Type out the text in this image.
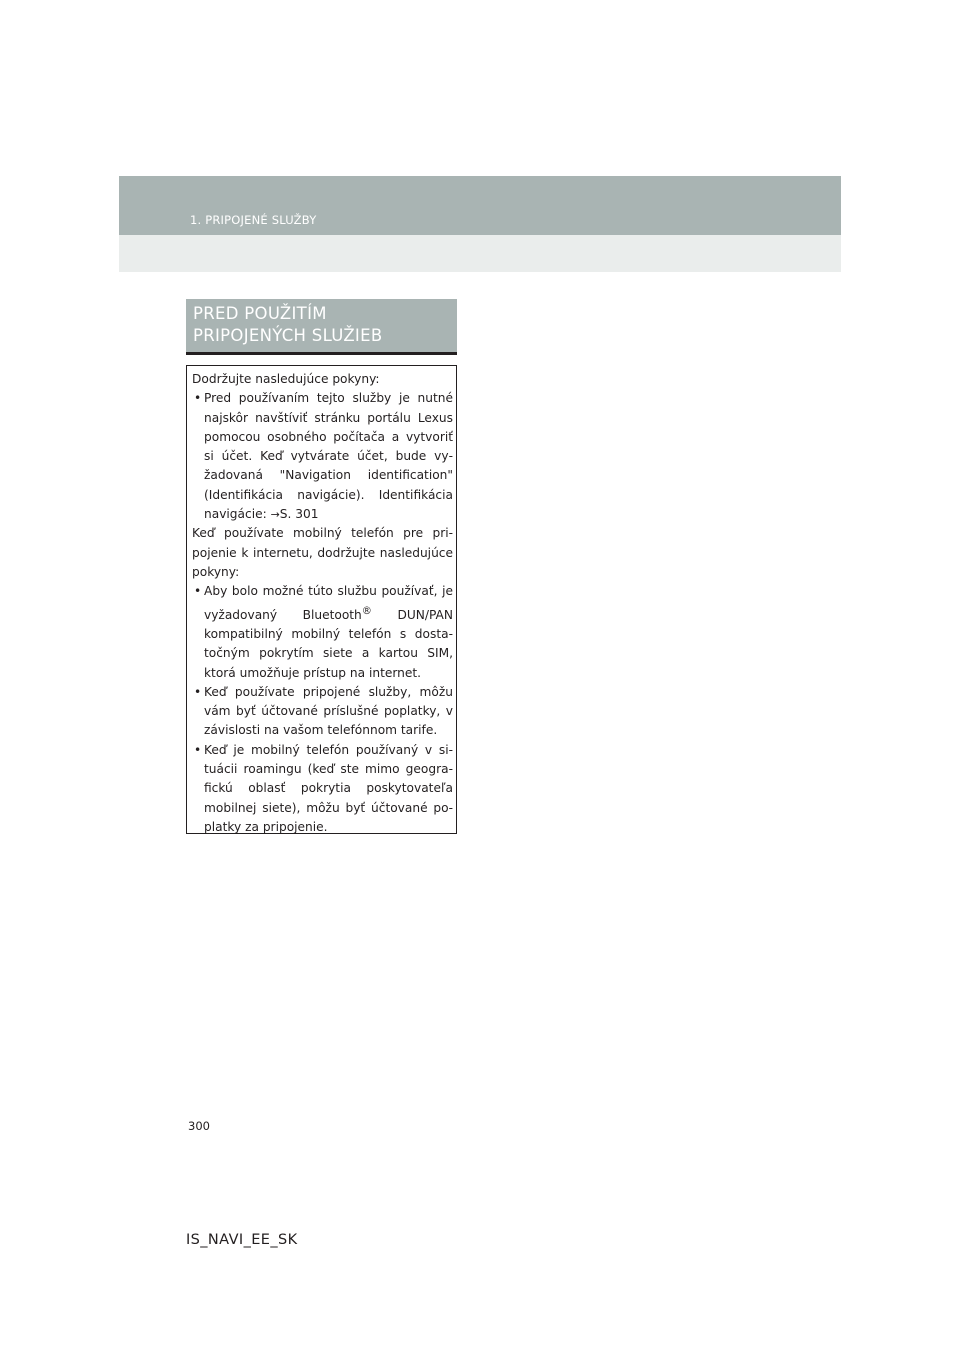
1. PRIPOJENÉ SLUŽBY
PRED POUŽITÍM
PRIPOJENÝCH SLUŽIEB

Dodržujte nasledujúce pokyny:

• Pred používaním tejto služby je nutné najskôr navštíviť stránku portálu Lexus pomocou osobného počítača a vytvoriť si účet. Keď vytvárate účet, bude vyžadovaná "Navigation identification" (Identifikácia navigácie). Identifikácia navigácie: →S. 301

Keď používate mobilný telefón pre pripojenie k internetu, dodržujte nasledujúce pokyny:

• Aby bolo možné túto službu používať, je vyžadovaný Bluetooth® DUN/PAN kompatibilný mobilný telefón s dostatočným pokrytím siete a kartou SIM, ktorá umožňuje prístup na internet.

• Keď používate pripojené služby, môžu vám byť účtované príslušné poplatky, v závislosti na vašom telefónnom tarife.

• Keď je mobilný telefón používaný v situácii roamingu (keď ste mimo geografickú oblasť pokrytia poskytovateľa mobilnej siete), môžu byť účtované poplatky za pripojenie.

300
IS_NAVI_EE_SK
